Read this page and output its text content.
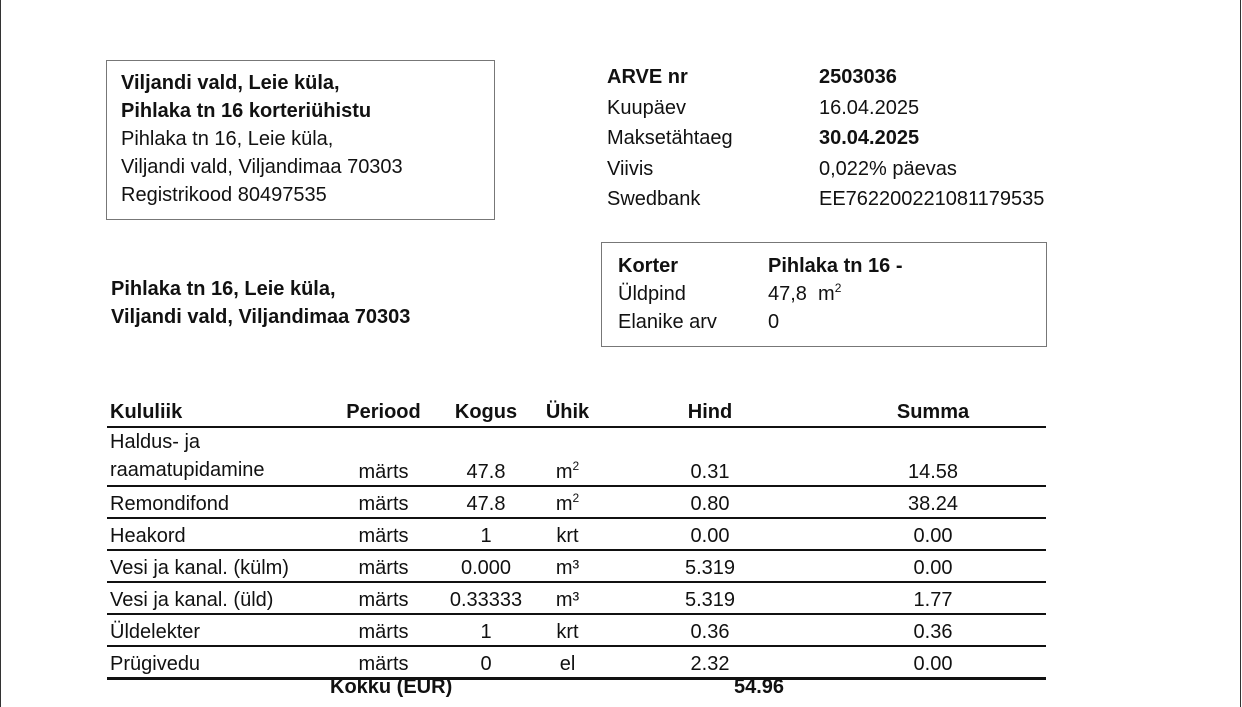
Viljandi vald, Leie küla,
Pihlaka tn 16 korteriühistu
Pihlaka tn 16, Leie küla,
Viljandi vald, Viljandimaa 70303
Registrikood 80497535
Pihlaka tn 16, Leie küla,
Viljandi vald, Viljandimaa 70303
ARVE nr	2503036
Kuupäev	16.04.2025
Maksetähtaeg	30.04.2025
Viivis	0,022% päevas
Swedbank	EE762200221081179535
Korter	Pihlaka tn 16 -
Üldpind	47,8  $m^2$
Elanike arv	0
Kululiik	Periood	Kogus	Ühik	Hind	Summa

Haldus- ja
raamatupidamine	märts	47.8	$m^2$	0.31	14.58
Remondifond	märts	47.8	$m^2$	0.80	38.24
Heakord	märts	1	krt	0.00	0.00
Vesi ja kanal. (külm)	märts	0.000	m³	5.319	0.00
Vesi ja kanal. (üld)	märts	0.33333	m³	5.319	1.77
Üldelekter	märts	1	krt	0.36	0.36
Prügivedu	märts	0	el	2.32	0.00
Kokku (EUR)	54.96
